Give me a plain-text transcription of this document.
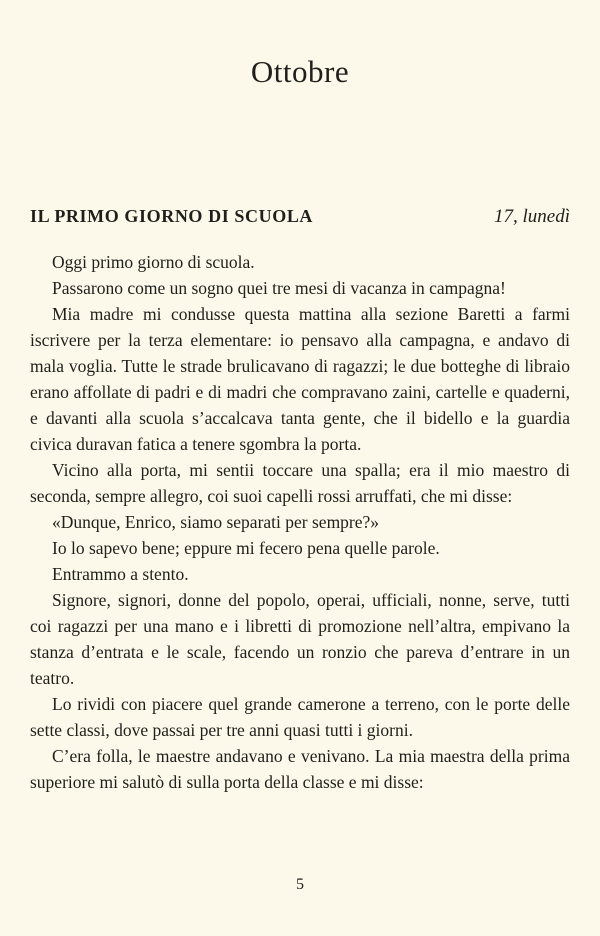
Ottobre
IL PRIMO GIORNO DI SCUOLA	17, lunedì

Oggi primo giorno di scuola.

Passarono come un sogno quei tre mesi di vacanza in campagna!

Mia madre mi condusse questa mattina alla sezione Baretti a farmi iscrivere per la terza elementare: io pensavo alla campagna, e andavo di mala voglia. Tutte le strade brulicavano di ragazzi; le due botteghe di libraio erano affollate di padri e di madri che compravano zaini, cartelle e quaderni, e davanti alla scuola s’accalcava tanta gente, che il bidello e la guardia civica duravan fatica a tenere sgombra la porta.

Vicino alla porta, mi sentii toccare una spalla; era il mio maestro di seconda, sempre allegro, coi suoi capelli rossi arruffati, che mi disse:

«Dunque, Enrico, siamo separati per sempre?»

Io lo sapevo bene; eppure mi fecero pena quelle parole.

Entrammo a stento.

Signore, signori, donne del popolo, operai, ufficiali, nonne, serve, tutti coi ragazzi per una mano e i libretti di promozione nell’altra, empivano la stanza d’entrata e le scale, facendo un ronzio che pareva d’entrare in un teatro.

Lo rividi con piacere quel grande camerone a terreno, con le porte delle sette classi, dove passai per tre anni quasi tutti i giorni.

C’era folla, le maestre andavano e venivano. La mia maestra della prima superiore mi salutò di sulla porta della classe e mi disse:

5
